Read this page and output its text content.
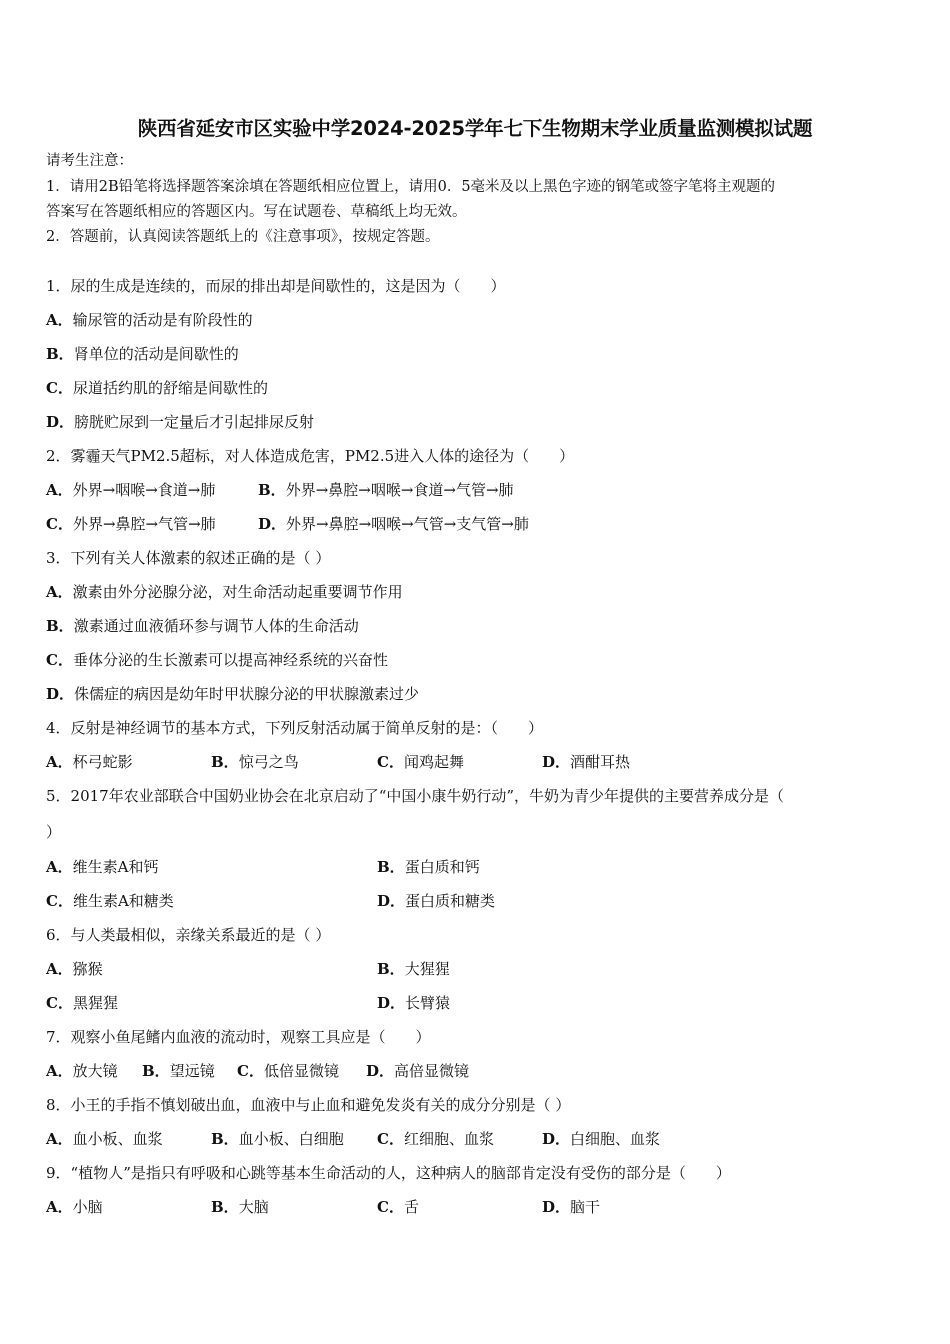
陕西省延安市区实验中学2024-2025学年七下生物期末学业质量监测模拟试题
请考生注意：
1．请用2B铅笔将选择题答案涂填在答题纸相应位置上，请用0．5毫米及以上黑色字迹的钢笔或签字笔将主观题的
答案写在答题纸相应的答题区内。写在试题卷、草稿纸上均无效。
2．答题前，认真阅读答题纸上的《注意事项》，按规定答题。
1．尿的生成是连续的，而尿的排出却是间歇性的，这是因为（　　）
A．输尿管的活动是有阶段性的
B．肾单位的活动是间歇性的
C．尿道括约肌的舒缩是间歇性的
D．膀胱贮尿到一定量后才引起排尿反射
2．雾霾天气PM2.5超标，对人体造成危害，PM2.5进入人体的途径为（　　）
A．外界→咽喉→食道→肺	B．外界→鼻腔→咽喉→食道→气管→肺
C．外界→鼻腔→气管→肺	D．外界→鼻腔→咽喉→气管→支气管→肺
3．下列有关人体激素的叙述正确的是（ ）
A．激素由外分泌腺分泌，对生命活动起重要调节作用
B．激素通过血液循环参与调节人体的生命活动
C．垂体分泌的生长激素可以提高神经系统的兴奋性
D．侏儒症的病因是幼年时甲状腺分泌的甲状腺激素过少
4．反射是神经调节的基本方式，下列反射活动属于简单反射的是：（　　）
A．杯弓蛇影	B．惊弓之鸟	C．闻鸡起舞	D．酒酣耳热
5．2017年农业部联合中国奶业协会在北京启动了“中国小康牛奶行动”，牛奶为青少年提供的主要营养成分是（
）
A．维生素A和钙	B．蛋白质和钙
C．维生素A和糖类	D．蛋白质和糖类
6．与人类最相似，亲缘关系最近的是（ ）
A．猕猴	B．大猩猩
C．黑猩猩	D．长臂猿
7．观察小鱼尾鳍内血液的流动时，观察工具应是（　　）
A．放大镜 B．望远镜 C．低倍显微镜 D．高倍显微镜
8．小王的手指不慎划破出血，血液中与止血和避免发炎有关的成分分别是（ ）
A．血小板、血浆	B．血小板、白细胞 C．红细胞、血浆	D．白细胞、血浆
9．“植物人”是指只有呼吸和心跳等基本生命活动的人，这种病人的脑部肯定没有受伤的部分是（　　）
A．小脑	B．大脑	C．舌	D．脑干
